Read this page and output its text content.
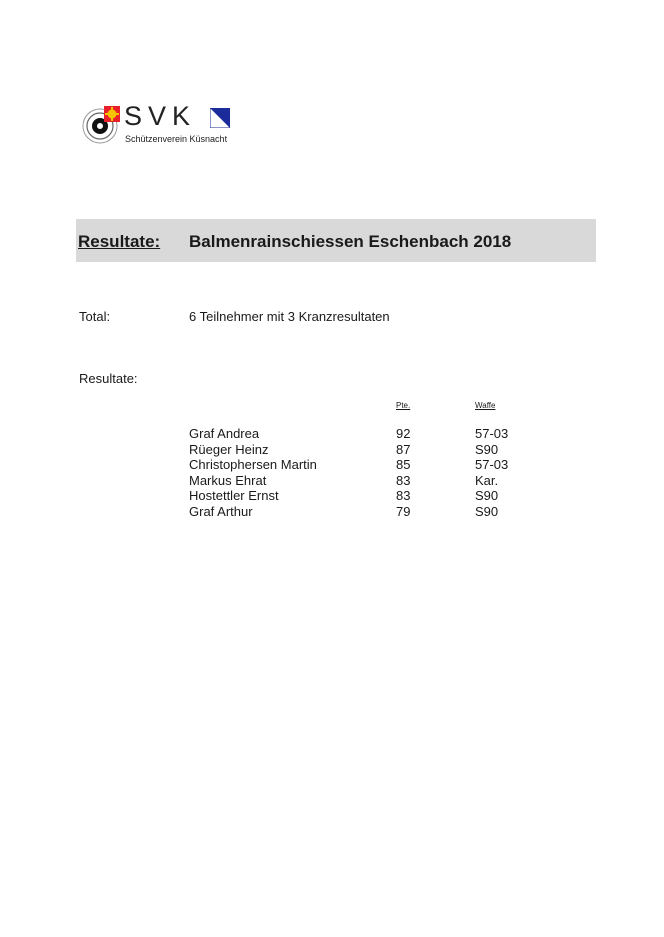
SVK
Schützenverein Küsnacht
Resultate: Balmenrainschiessen Eschenbach 2018
Total:	6 Teilnehmer mit 3 Kranzresultaten
Resultate:
Pte.	Waffe
Graf Andrea	92	57-03
Rüeger Heinz	87	S90
Christophersen Martin	85	57-03
Markus Ehrat	83	Kar.
Hostettler Ernst	83	S90
Graf Arthur	79	S90
